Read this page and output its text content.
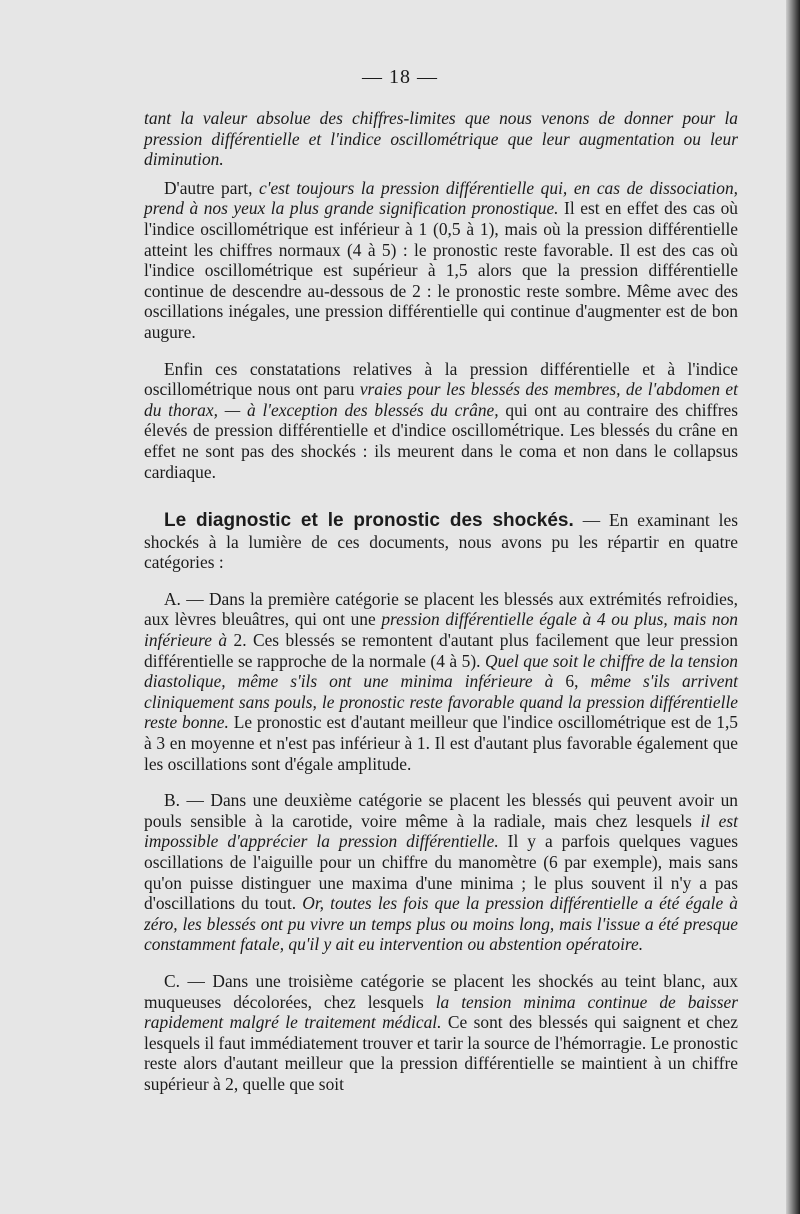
— 18 —

tant la valeur absolue des chiffres-limites que nous venons de donner pour la pression différentielle et l'indice oscillométrique que leur augmentation ou leur diminution.

D'autre part, c'est toujours la pression différentielle qui, en cas de dissociation, prend à nos yeux la plus grande signification pronostique. Il est en effet des cas où l'indice oscillométrique est inférieur à 1 (0,5 à 1), mais où la pression différentielle atteint les chiffres normaux (4 à 5) : le pronostic reste favorable. Il est des cas où l'indice oscillométrique est supérieur à 1,5 alors que la pression différentielle continue de descendre au-dessous de 2 : le pronostic reste sombre. Même avec des oscillations inégales, une pression différentielle qui continue d'augmenter est de bon augure.

Enfin ces constatations relatives à la pression différentielle et à l'indice oscillométrique nous ont paru vraies pour les blessés des membres, de l'abdomen et du thorax, — à l'exception des blessés du crâne, qui ont au contraire des chiffres élevés de pression différentielle et d'indice oscillométrique. Les blessés du crâne en effet ne sont pas des shockés : ils meurent dans le coma et non dans le collapsus cardiaque.

Le diagnostic et le pronostic des shockés. — En examinant les shockés à la lumière de ces documents, nous avons pu les répartir en quatre catégories :

A. — Dans la première catégorie se placent les blessés aux extrémités refroidies, aux lèvres bleuâtres, qui ont une pression différentielle égale à 4 ou plus, mais non inférieure à 2. Ces blessés se remontent d'autant plus facilement que leur pression différentielle se rapproche de la normale (4 à 5). Quel que soit le chiffre de la tension diastolique, même s'ils ont une minima inférieure à 6, même s'ils arrivent cliniquement sans pouls, le pronostic reste favorable quand la pression différentielle reste bonne. Le pronostic est d'autant meilleur que l'indice oscillométrique est de 1,5 à 3 en moyenne et n'est pas inférieur à 1. Il est d'autant plus favorable également que les oscillations sont d'égale amplitude.

B. — Dans une deuxième catégorie se placent les blessés qui peuvent avoir un pouls sensible à la carotide, voire même à la radiale, mais chez lesquels il est impossible d'apprécier la pression différentielle. Il y a parfois quelques vagues oscillations de l'aiguille pour un chiffre du manomètre (6 par exemple), mais sans qu'on puisse distinguer une maxima d'une minima ; le plus souvent il n'y a pas d'oscillations du tout. Or, toutes les fois que la pression différentielle a été égale à zéro, les blessés ont pu vivre un temps plus ou moins long, mais l'issue a été presque constamment fatale, qu'il y ait eu intervention ou abstention opératoire.

C. — Dans une troisième catégorie se placent les shockés au teint blanc, aux muqueuses décolorées, chez lesquels la tension minima continue de baisser rapidement malgré le traitement médical. Ce sont des blessés qui saignent et chez lesquels il faut immédiatement trouver et tarir la source de l'hémorragie. Le pronostic reste alors d'autant meilleur que la pression différentielle se maintient à un chiffre supérieur à 2, quelle que soit
